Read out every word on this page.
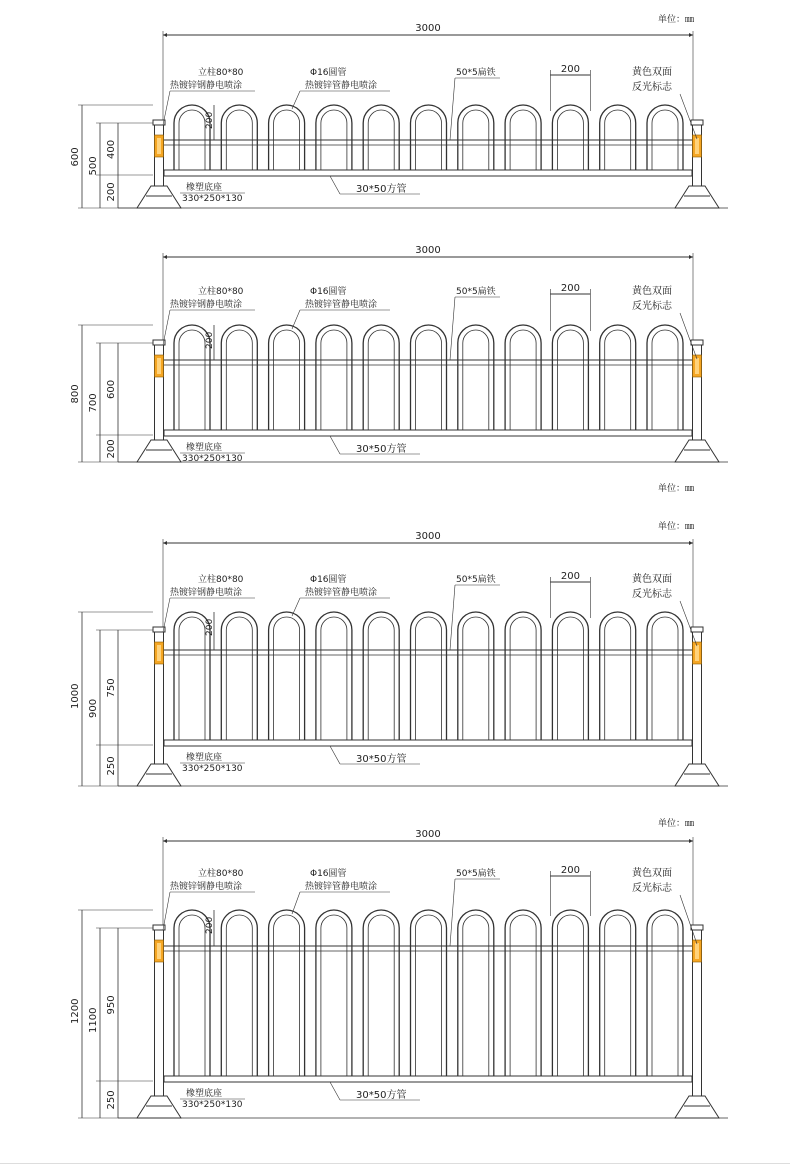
3000
单位：㎜
200
200
立柱80*80
热镀锌钢静电喷涂
Φ16圆管
热镀锌管静电喷涂
50*5扁铁	黄色双面
反光标志
30*50方管
橡塑底座
330*250*130
600 500
400
200
3000
单位：㎜
200
200
立柱80*80
热镀锌钢静电喷涂
Φ16圆管
热镀锌管静电喷涂
50*5扁铁	黄色双面
反光标志
30*50方管
橡塑底座
330*250*130
800 700
600
200
3000
单位：㎜
200
200
立柱80*80
热镀锌钢静电喷涂
Φ16圆管
热镀锌管静电喷涂
50*5扁铁	黄色双面
反光标志
30*50方管
橡塑底座
330*250*130
1000 900
750
250
3000
单位：㎜
200
200
立柱80*80
热镀锌钢静电喷涂
Φ16圆管
热镀锌管静电喷涂
50*5扁铁	黄色双面
反光标志
30*50方管
橡塑底座
330*250*130
1200 1100
950
250
